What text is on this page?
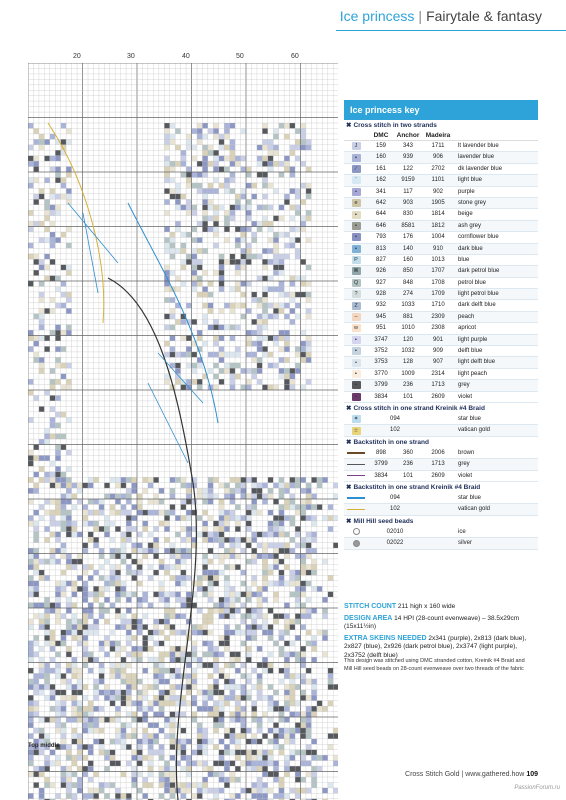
Ice princess | Fairytale & fantasy
20	30	40	50	60
Top middle
Ice princess key
✖ Cross stitch in two strands
DMC	Anchor Madeira
J	159	343	1711	lt lavender blue
▪	160	939	906	lavender blue
∕	161	122	2702	dk lavender blue
ʻ	162	9159	1101	light blue
•	341	117	902	purple
e	642	903	1905	stone grey
▪	644	830	1814	beige
▪	646	8581	1812	ash grey
▪	793	176	1004	cornflower blue
▪	813	140	910	dark blue
P	827	160	1013	blue
⌘	926	850	1707	dark petrol blue
Q	927	848	1708	petrol blue
?	928	274	1709	light petrol blue
Z	932	1033	1710	dark delft blue
–	945	881	2309	peach
w	951	1010	2308	apricot
▪	3747	120	901	light purple
▪	3752	1032	909	delft blue
•	3753	128	907	light delft blue
▪	3770	1009	2314	light peach
▪	3799	236	1713	grey
▪	3834	101	2609	violet
✖ Cross stitch in one strand Kreinik #4 Braid
✶	094	star blue
☆	102	vatican gold
✖ Backstitch in one strand
898	360	2006	brown
3799	236	1713	grey
3834	101	2609	violet
✖ Backstitch in one strand Kreinik #4 Braid
094	star blue
102	vatican gold
✖ Mill Hill seed beads
02010	ice
02022	silver

STITCH COUNT 211 high x 160 wide

DESIGN AREA 14 HPI (28-count evenweave) – 38.5x29cm (15x11½in)

EXTRA SKEINS NEEDED 2x341 (purple), 2x813 (dark blue), 2x827 (blue), 2x926 (dark petrol blue), 2x3747 (light purple), 2x3752 (delft blue)

This design was stitched using DMC stranded cotton, Kreinik #4 Braid and Mill Hill seed beads on 28-count evenweave over two threads of the fabric
Cross Stitch Gold | www.gathered.how 109
PassionForum.ru
